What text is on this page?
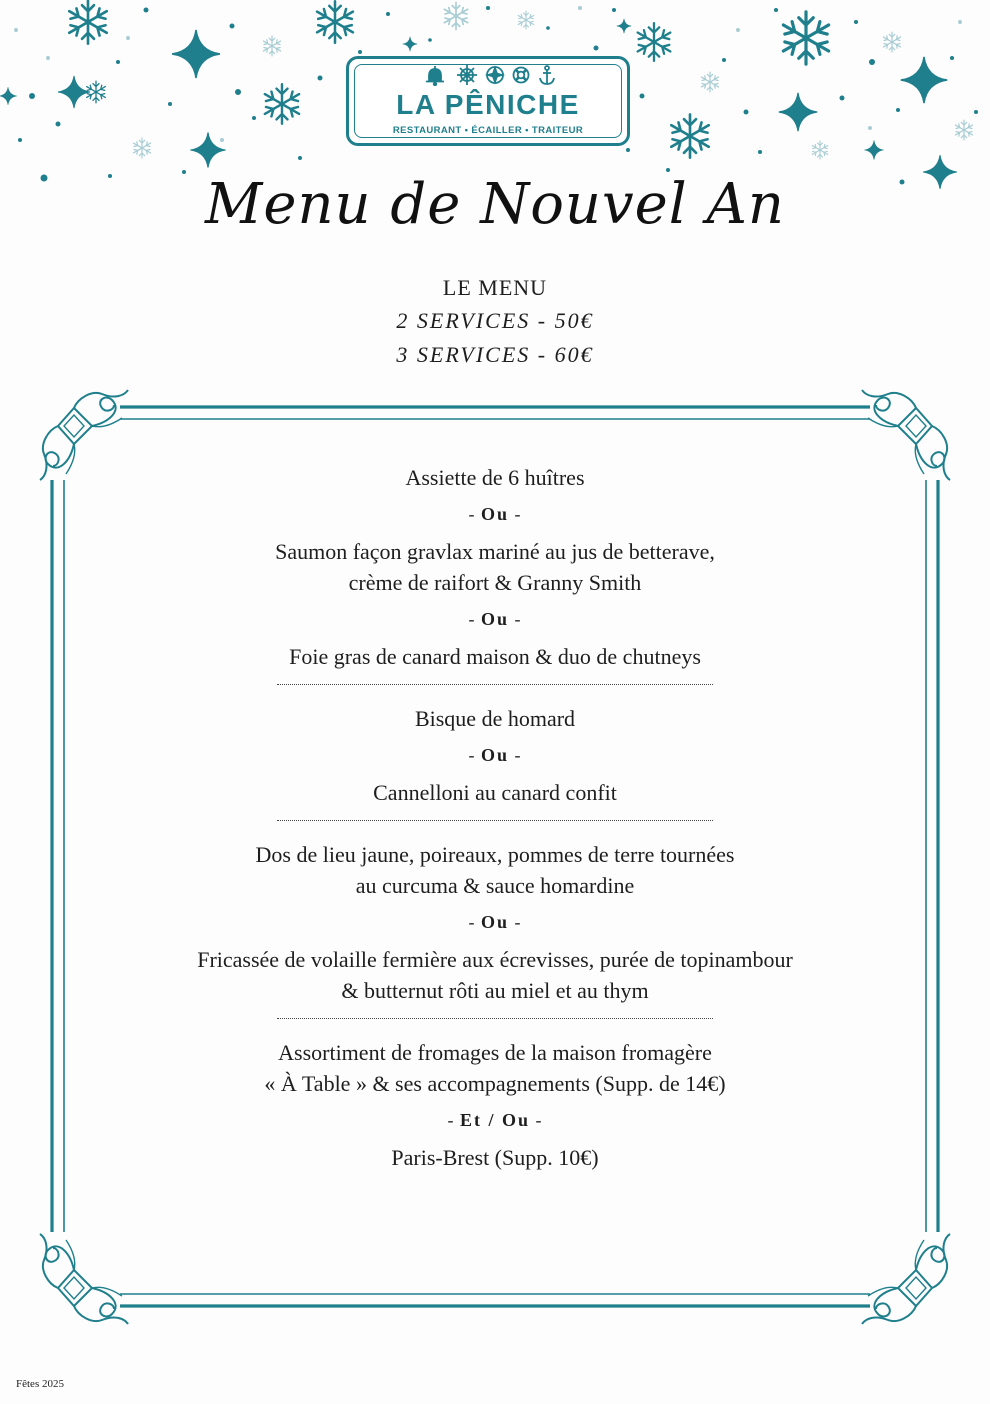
LA PÊNICHE
RESTAURANT • ÉCAILLER • TRAITEUR
Menu de Nouvel An
LE MENU
2 SERVICES - 50€
3 SERVICES - 60€

Assiette de 6 huîtres

- Ou -

Saumon façon gravlax mariné au jus de betterave,
crème de raifort & Granny Smith

- Ou -

Foie gras de canard maison & duo de chutneys

Bisque de homard

- Ou -

Cannelloni au canard confit

Dos de lieu jaune, poireaux, pommes de terre tournées
au curcuma & sauce homardine

- Ou -

Fricassée de volaille fermière aux écrevisses, purée de topinambour
& butternut rôti au miel et au thym

Assortiment de fromages de la maison fromagère
« À Table » & ses accompagnements (Supp. de 14€)

- Et / Ou -

Paris-Brest (Supp. 10€)

Fêtes 2025
